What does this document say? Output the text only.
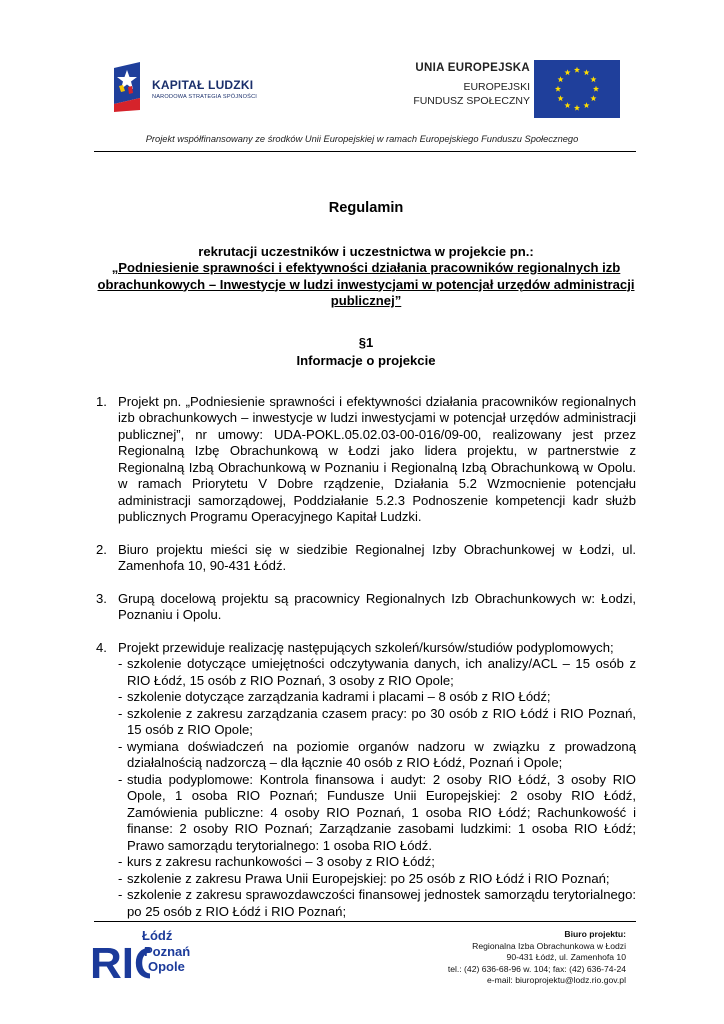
KAPITAŁ LUDZKI
NARODOWA STRATEGIA SPÓJNOŚCI
UNIA EUROPEJSKA
EUROPEJSKI
FUNDUSZ SPOŁECZNY
Projekt współfinansowany ze środków Unii Europejskiej w ramach Europejskiego Funduszu Społecznego
Regulamin
rekrutacji uczestników i uczestnictwa w projekcie pn.:
„Podniesienie sprawności i efektywności działania pracowników regionalnych izb obrachunkowych – Inwestycje w ludzi inwestycjami w potencjał urzędów administracji publicznej”
§1
Informacje o projekcie
1. Projekt pn. „Podniesienie sprawności i efektywności działania pracowników regionalnych izb obrachunkowych – inwestycje w ludzi inwestycjami w potencjał urzędów administracji publicznej”, nr umowy: UDA-POKL.05.02.03-00-016/09-00, realizowany jest przez Regionalną Izbę Obrachunkową w Łodzi jako lidera projektu, w partnerstwie z Regionalną Izbą Obrachunkową w Poznaniu i Regionalną Izbą Obrachunkową w Opolu. w ramach Priorytetu V Dobre rządzenie, Działania 5.2 Wzmocnienie potencjału administracji samorządowej, Poddziałanie 5.2.3 Podnoszenie kompetencji kadr służb publicznych Programu Operacyjnego Kapitał Ludzki.
2. Biuro projektu mieści się w siedzibie Regionalnej Izby Obrachunkowej w Łodzi, ul. Zamenhofa 10, 90-431 Łódź.
3. Grupą docelową projektu są pracownicy Regionalnych Izb Obrachunkowych w: Łodzi, Poznaniu i Opolu.
4. Projekt przewiduje realizację następujących szkoleń/kursów/studiów podyplomowych;
- szkolenie dotyczące umiejętności odczytywania danych, ich analizy/ACL – 15 osób z RIO Łódź, 15 osób z RIO Poznań, 3 osoby z RIO Opole;
- szkolenie dotyczące zarządzania kadrami i placami – 8 osób z RIO Łódź;
- szkolenie z zakresu zarządzania czasem pracy: po 30 osób z RIO Łódź i RIO Poznań, 15 osób z RIO Opole;
- wymiana doświadczeń na poziomie organów nadzoru w związku z prowadzoną działalnością nadzorczą – dla łącznie 40 osób z RIO Łódź, Poznań i Opole;
- studia podyplomowe: Kontrola finansowa i audyt: 2 osoby RIO Łódź, 3 osoby RIO Opole, 1 osoba RIO Poznań; Fundusze Unii Europejskiej: 2 osoby RIO Łódź, Zamówienia publiczne: 4 osoby RIO Poznań, 1 osoba RIO Łódź; Rachunkowość i finanse: 2 osoby RIO Poznań; Zarządzanie zasobami ludzkimi: 1 osoba RIO Łódź; Prawo samorządu terytorialnego: 1 osoba RIO Łódź.
- kurs z zakresu rachunkowości – 3 osoby z RIO Łódź;
- szkolenie z zakresu Prawa Unii Europejskiej: po 25 osób z RIO Łódź i RIO Poznań;
- szkolenie z zakresu sprawozdawczości finansowej jednostek samorządu terytorialnego: po 25 osób z RIO Łódź i RIO Poznań;
RI
Łódź
Poznań
Opole
Biuro projektu:
Regionalna Izba Obrachunkowa w Łodzi
90-431 Łódź, ul. Zamenhofa 10
tel.: (42) 636-68-96 w. 104; fax: (42) 636-74-24
e-mail: biuroprojektu@lodz.rio.gov.pl
